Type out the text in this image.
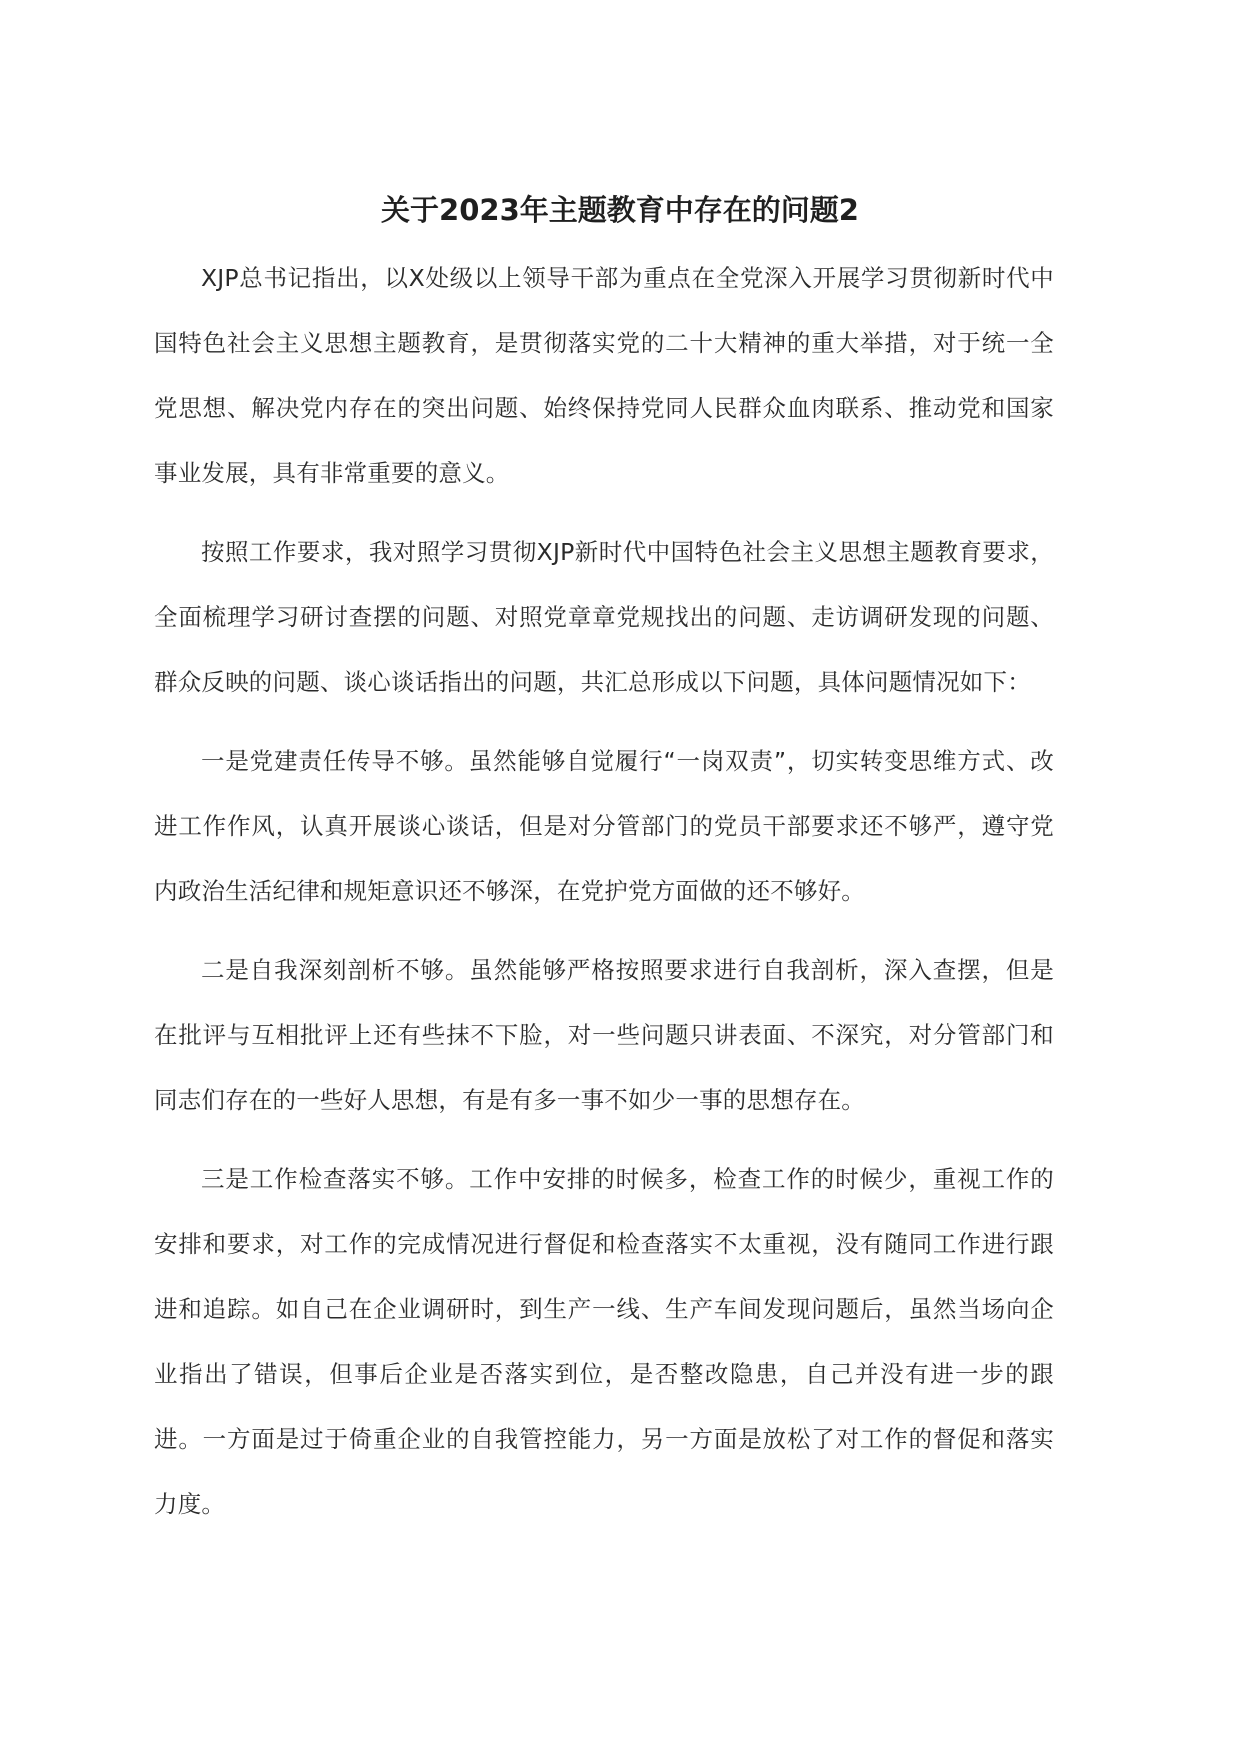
关于2023年主题教育中存在的问题2

XJP总书记指出，以X处级以上领导干部为重点在全党深入开展学习贯彻新时代中国特色社会主义思想主题教育，是贯彻落实党的二十大精神的重大举措，对于统一全党思想、解决党内存在的突出问题、始终保持党同人民群众血肉联系、推动党和国家事业发展，具有非常重要的意义。

按照工作要求，我对照学习贯彻XJP新时代中国特色社会主义思想主题教育要求，全面梳理学习研讨查摆的问题、对照党章章党规找出的问题、走访调研发现的问题、群众反映的问题、谈心谈话指出的问题，共汇总形成以下问题，具体问题情况如下：

一是党建责任传导不够。虽然能够自觉履行“一岗双责”，切实转变思维方式、改进工作作风，认真开展谈心谈话，但是对分管部门的党员干部要求还不够严，遵守党内政治生活纪律和规矩意识还不够深，在党护党方面做的还不够好。

二是自我深刻剖析不够。虽然能够严格按照要求进行自我剖析，深入查摆，但是在批评与互相批评上还有些抹不下脸，对一些问题只讲表面、不深究，对分管部门和同志们存在的一些好人思想，有是有多一事不如少一事的思想存在。

三是工作检查落实不够。工作中安排的时候多，检查工作的时候少，重视工作的安排和要求，对工作的完成情况进行督促和检查落实不太重视，没有随同工作进行跟进和追踪。如自己在企业调研时，到生产一线、生产车间发现问题后，虽然当场向企业指出了错误，但事后企业是否落实到位，是否整改隐患，自己并没有进一步的跟进。一方面是过于倚重企业的自我管控能力，另一方面是放松了对工作的督促和落实力度。
